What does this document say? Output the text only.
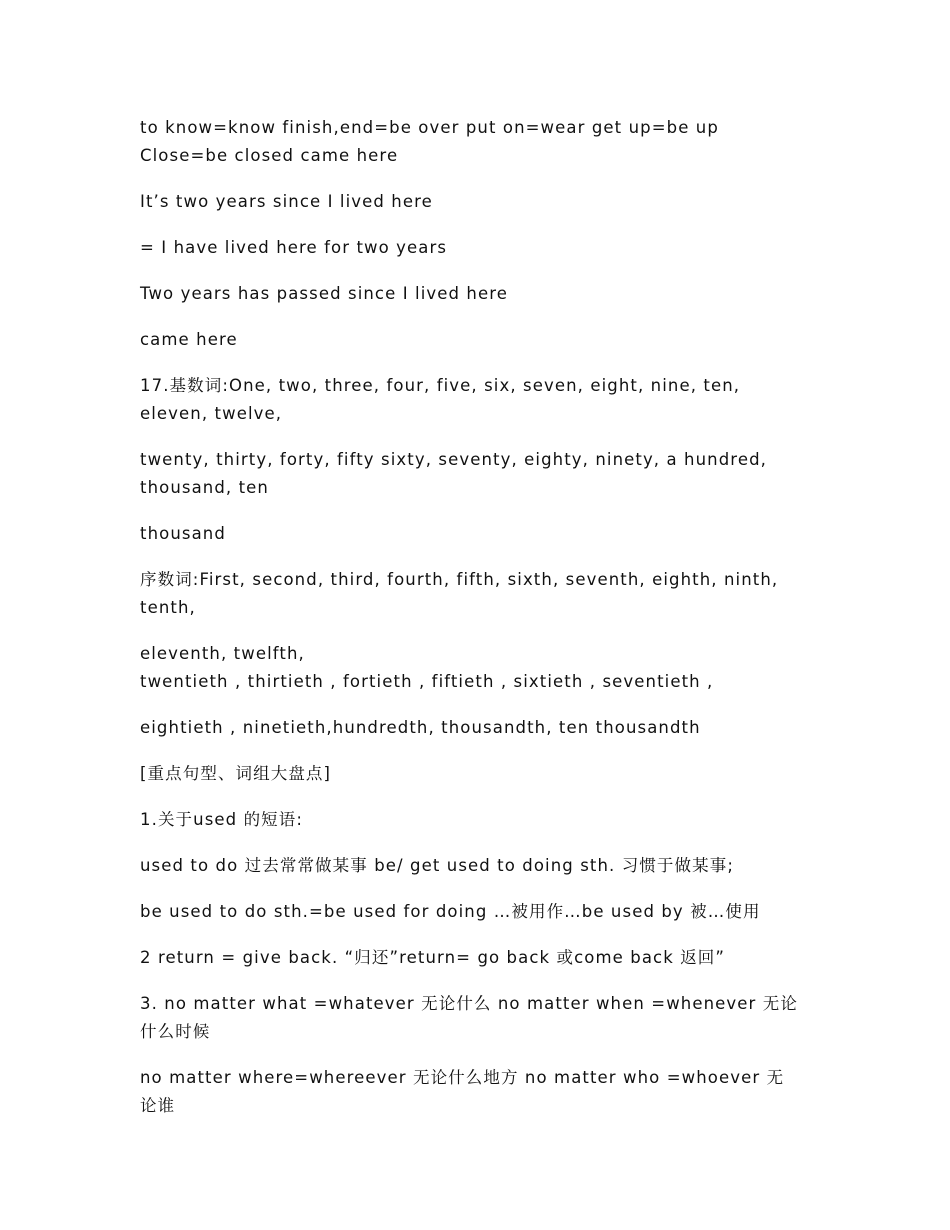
to know=know finish,end=be over put on=wear get up=be up
Close=be closed came here

It’s two years since I lived here

= I have lived here for two years

Two years has passed since I lived here

came here

17.基数词:One, two, three, four, five, six, seven, eight, nine, ten,
eleven, twelve,

twenty, thirty, forty, fifty sixty, seventy, eighty, ninety, a hundred,
thousand, ten

thousand

序数词:First, second, third, fourth, fifth, sixth, seventh, eighth, ninth,
tenth,

eleventh, twelfth,
twentieth , thirtieth , fortieth , fiftieth , sixtieth , seventieth ,

eightieth , ninetieth,hundredth, thousandth, ten thousandth

[重点句型、词组大盘点]

1.关于used 的短语:

used to do 过去常常做某事 be/ get used to doing sth. 习惯于做某事;

be used to do sth.=be used for doing …被用作…be used by 被…使用

2 return = give back. “归还”return= go back 或come back 返回”

3. no matter what =whatever 无论什么 no matter when =whenever 无论
什么时候

no matter where=whereever 无论什么地方 no matter who =whoever 无
论谁
